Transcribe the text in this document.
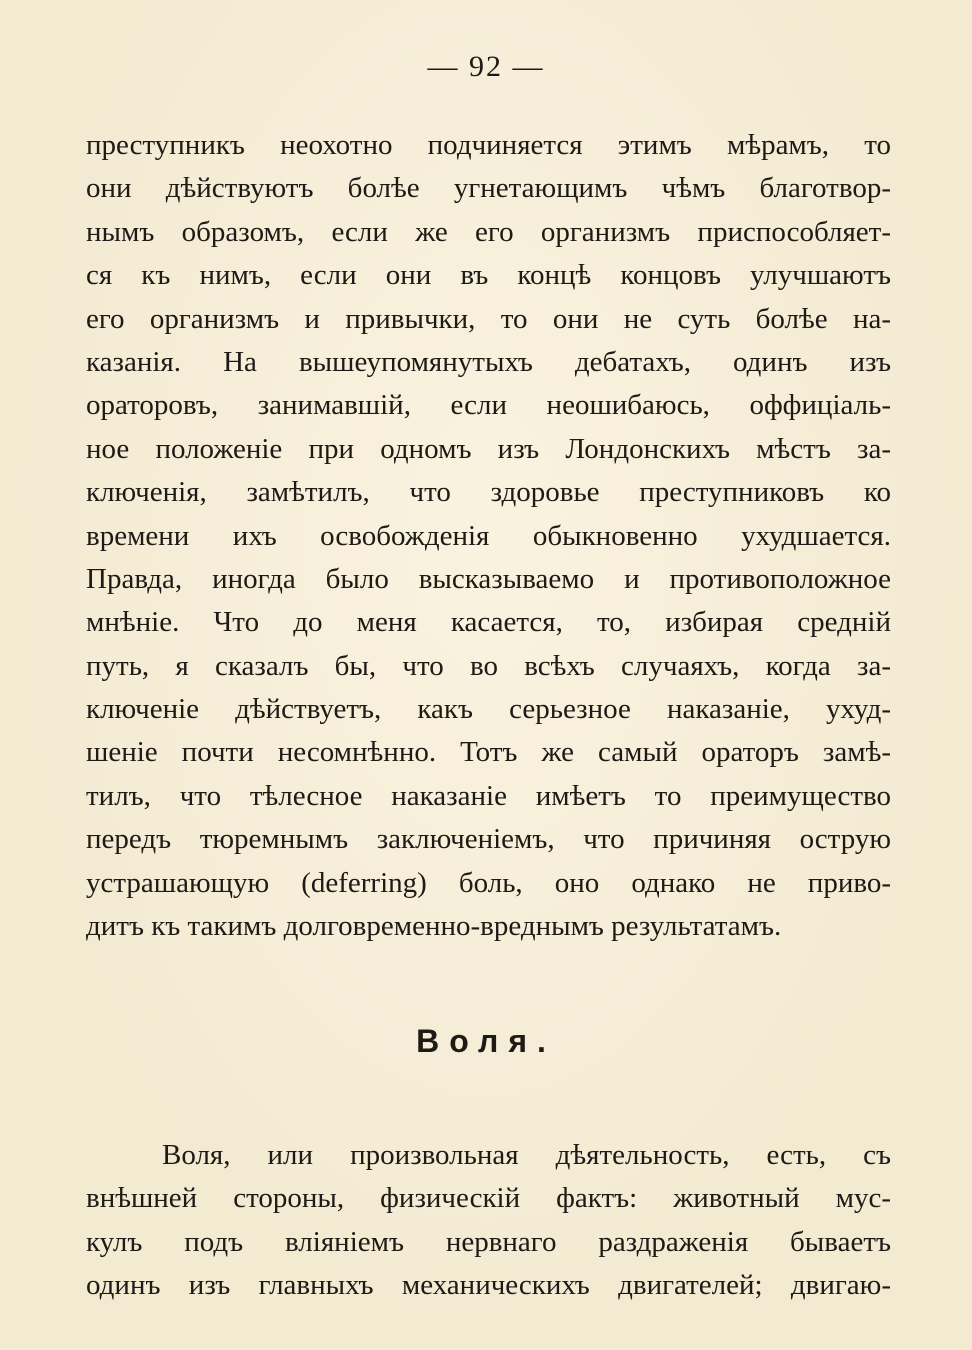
— 92 —
преступникъ неохотно подчиняется этимъ мѣрамъ, то
они дѣйствуютъ болѣе угнетающимъ чѣмъ благотвор-
нымъ образомъ, если же его организмъ приспособляет-
ся къ нимъ, если они въ концѣ концовъ улучшаютъ
его организмъ и привычки, то они не суть болѣе на-
казанія. На вышеупомянутыхъ дебатахъ, одинъ изъ
ораторовъ, занимавшій, если неошибаюсь, оффиціаль-
ное положеніе при одномъ изъ Лондонскихъ мѣстъ за-
ключенія, замѣтилъ, что здоровье преступниковъ ко
времени ихъ освобожденія обыкновенно ухудшается.
Правда, иногда было высказываемо и противоположное
мнѣніе. Что до меня касается, то, избирая средній
путь, я сказалъ бы, что во всѣхъ случаяхъ, когда за-
ключеніе дѣйствуетъ, какъ серьезное наказаніе, ухуд-
шеніе почти несомнѣнно. Тотъ же самый ораторъ замѣ-
тилъ, что тѣлесное наказаніе имѣетъ то преимущество
передъ тюремнымъ заключеніемъ, что причиняя острую
устрашающую (deferring) боль, оно однако не приво-
дитъ къ такимъ долговременно-вреднымъ результатамъ.
Воля.
Воля, или произвольная дѣятельность, есть, съ
внѣшней стороны, физическій фактъ: животный мус-
кулъ подъ вліяніемъ нервнаго раздраженія бываетъ
одинъ изъ главныхъ механическихъ двигателей; двигаю-
